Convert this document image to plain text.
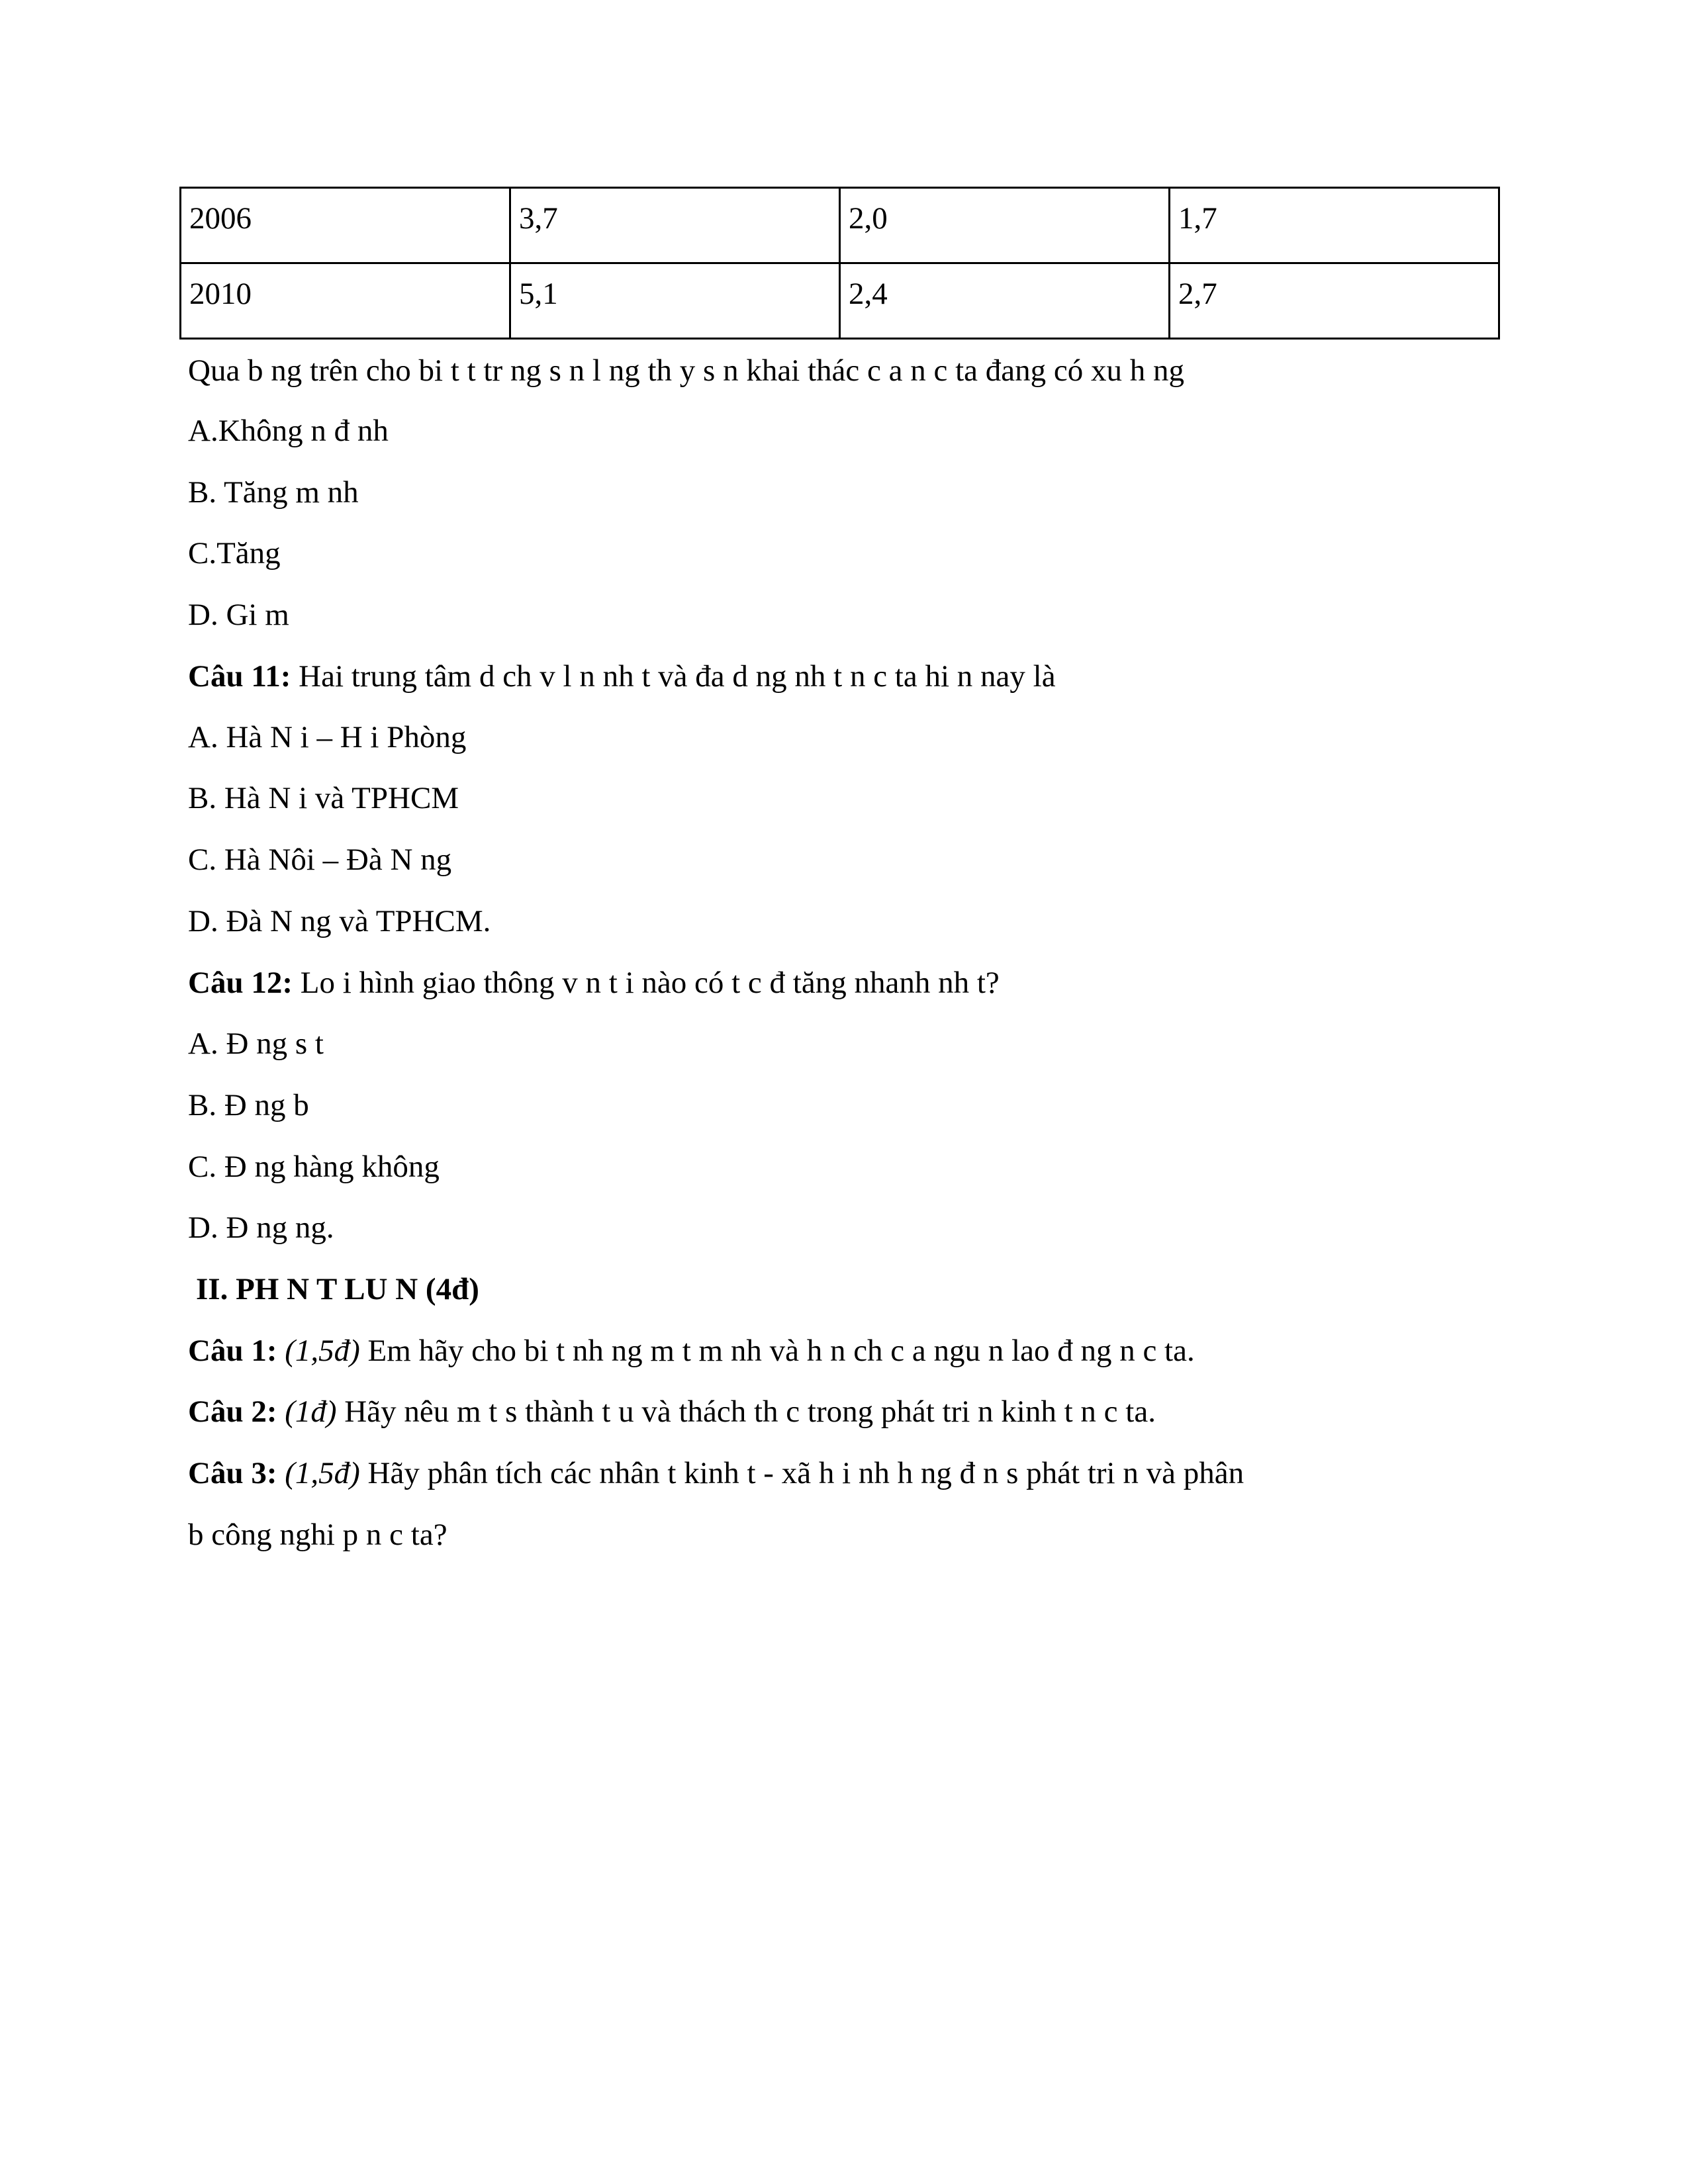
2006	3,7	2,0	1,7
2010	5,1	2,4	2,7
Qua b ng trên cho bi t t tr ng s n l ng th y s n khai thác c a n c ta đang có xu h ng
A.Không n đ nh
B. Tăng m nh
C.Tăng
D. Gi m
Câu 11: Hai trung tâm d ch v l n nh t và đa d ng nh t n c ta hi n nay là
A. Hà N i – H i Phòng
B. Hà N i và TPHCM
C. Hà Nôi – Đà N ng
D. Đà N ng và TPHCM.
Câu 12: Lo i hình giao thông v n t i nào có t c đ tăng nhanh nh t?
A. Đ ng s t
B. Đ ng b
C. Đ ng hàng không
D. Đ ng ng.
II. PH N T LU N (4đ)
Câu 1: (1,5đ) Em hãy cho bi t nh ng m t m nh và h n ch c a ngu n lao đ ng n c ta.
Câu 2: (1đ) Hãy nêu m t s thành t u và thách th c trong phát tri n kinh t n c ta.
Câu 3: (1,5đ) Hãy phân tích các nhân t kinh t - xã h i nh h ng đ n s phát tri n và phân
b công nghi p n c ta?
